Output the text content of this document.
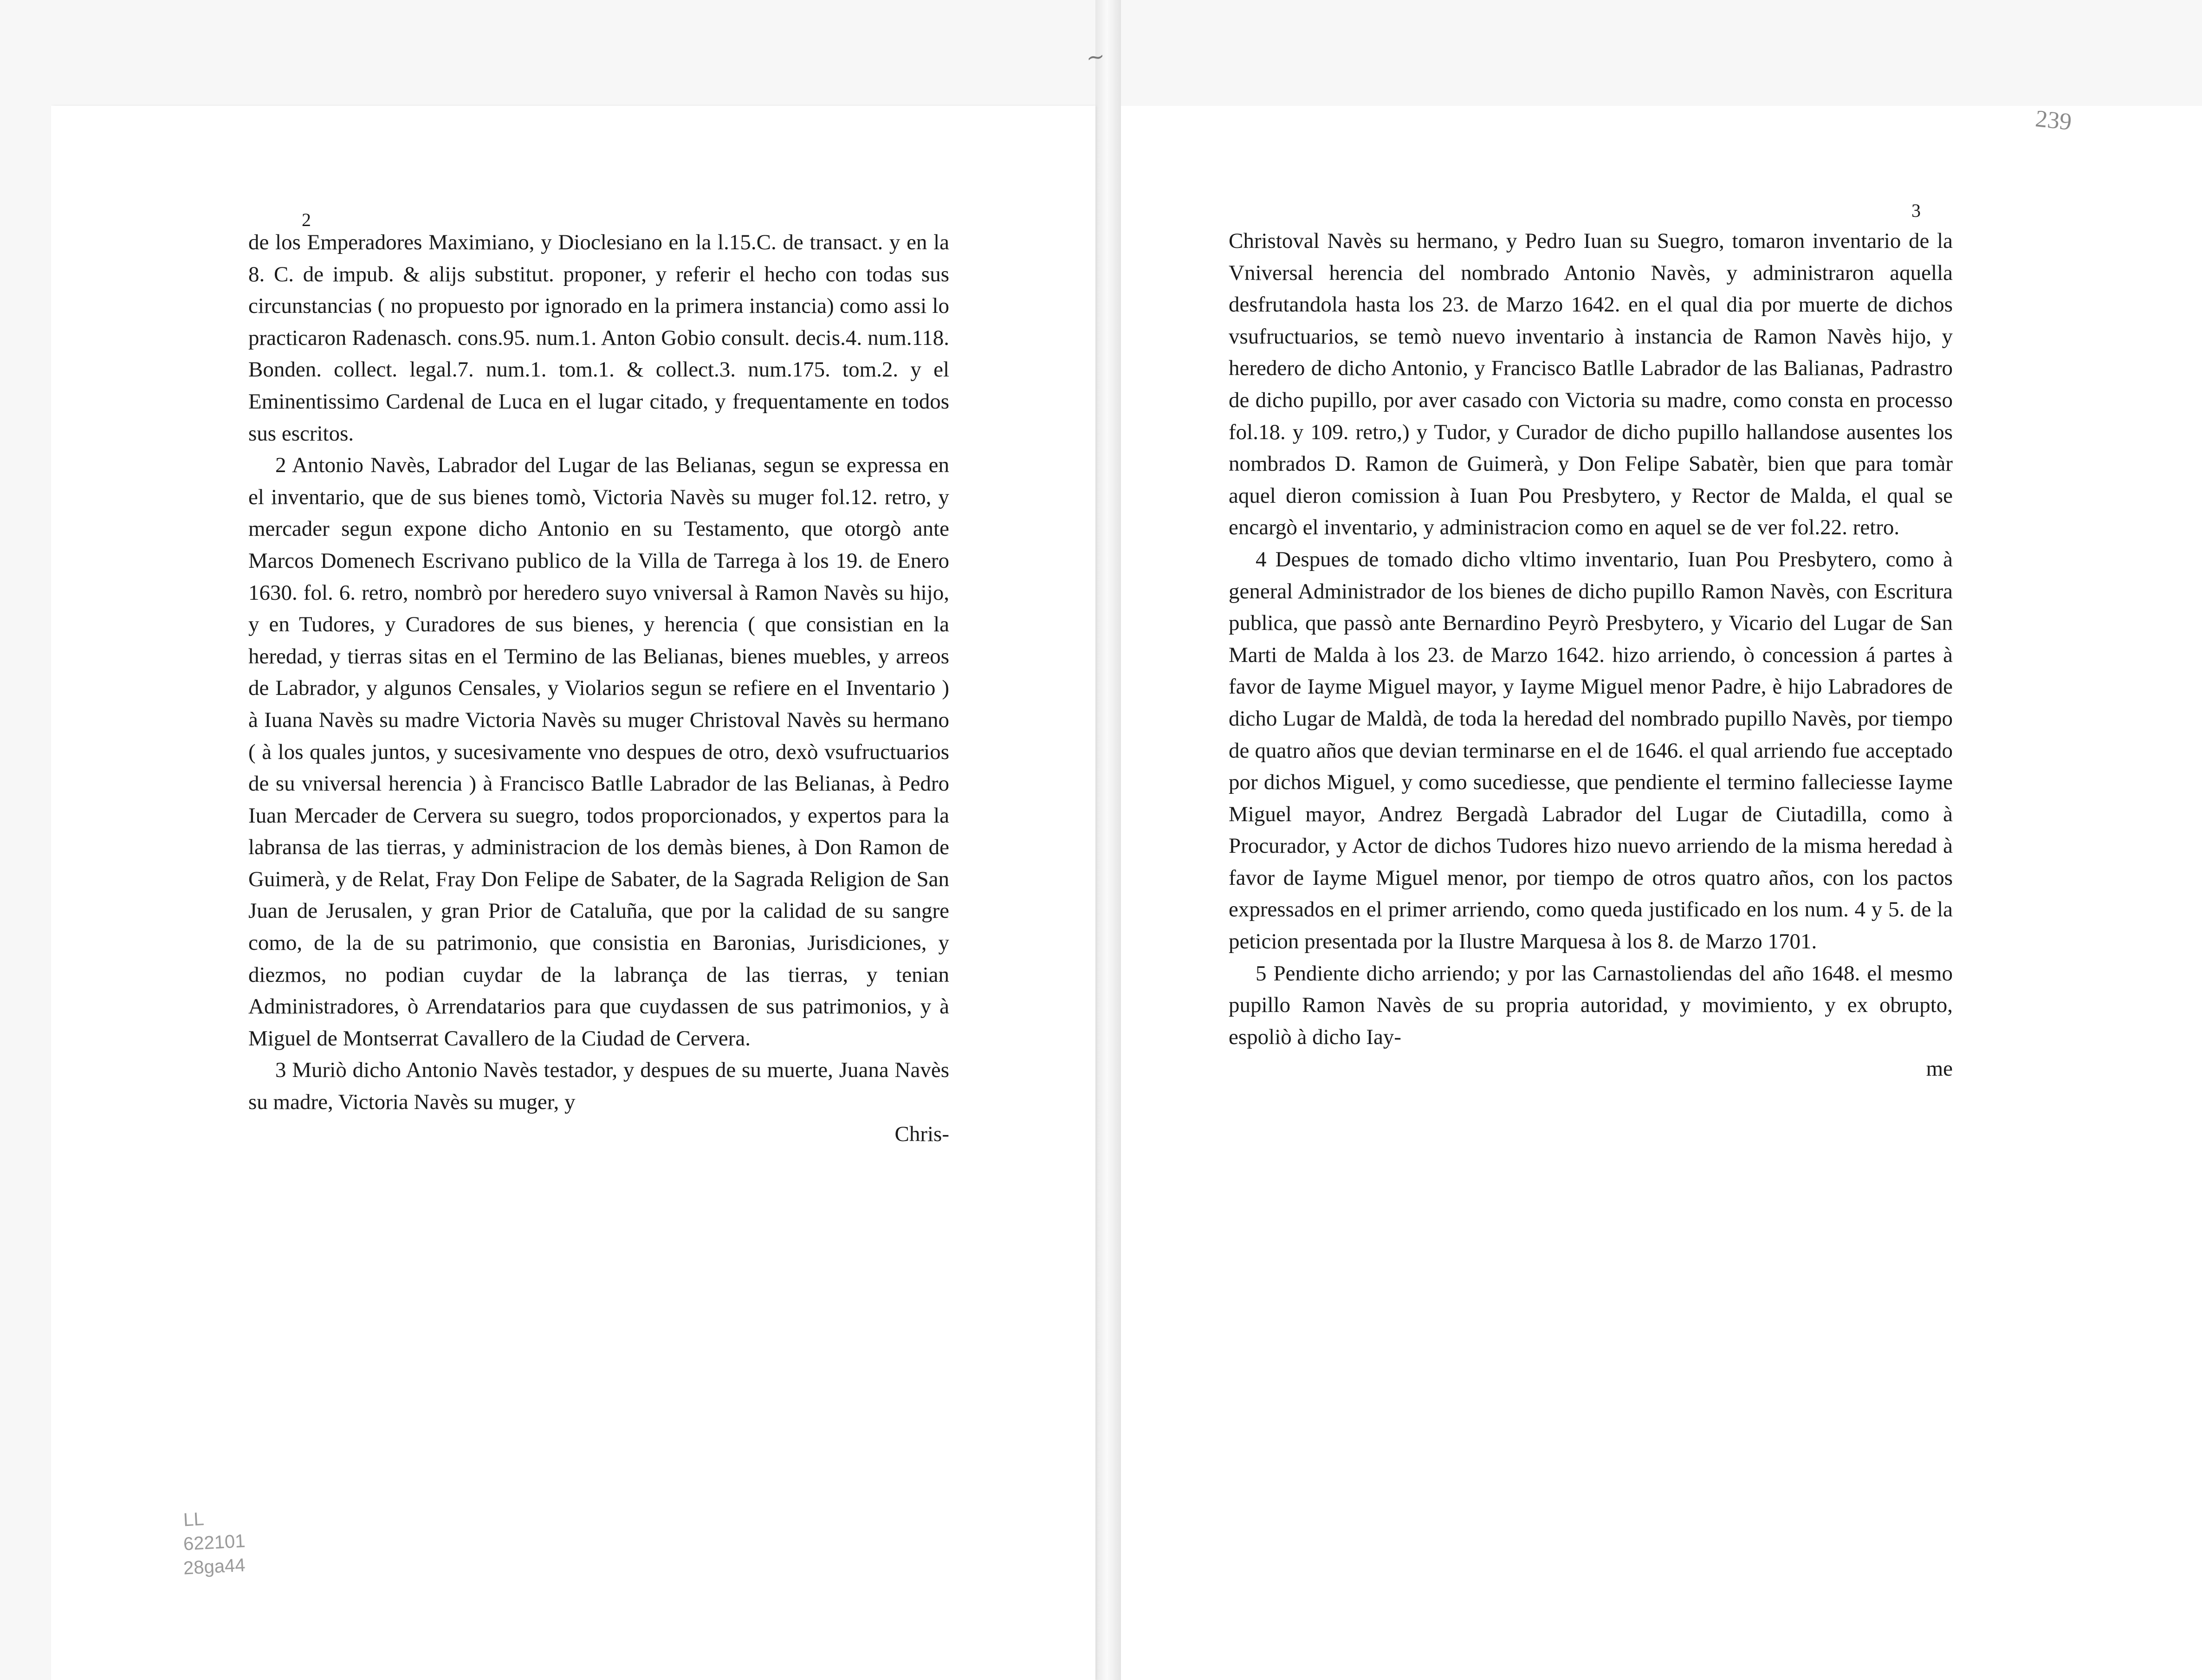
~
2

de los Emperadores Maximiano, y Dioclesiano en la l.15.C. de transact. y en la 8. C. de impub. & alijs substitut. proponer, y referir el hecho con todas sus circunstancias ( no propuesto por ignorado en la primera instancia) como assi lo practicaron Radenasch. cons.95. num.1. Anton Gobio consult. decis.4. num.118. Bonden. collect. legal.7. num.1. tom.1. & collect.3. num.175. tom.2. y el Eminentissimo Cardenal de Luca en el lugar citado, y frequentamente en todos sus escritos.

2 Antonio Navès, Labrador del Lugar de las Belianas, segun se expressa en el inventario, que de sus bienes tomò, Victoria Navès su muger fol.12. retro, y mercader segun expone dicho Antonio en su Testamento, que otorgò ante Marcos Domenech Escrivano publico de la Villa de Tarrega à los 19. de Enero 1630. fol. 6. retro, nombrò por heredero suyo vniversal à Ramon Navès su hijo, y en Tudores, y Curadores de sus bienes, y herencia ( que consistian en la heredad, y tierras sitas en el Termino de las Belianas, bienes muebles, y arreos de Labrador, y algunos Censales, y Violarios segun se refiere en el Inventario ) à Iuana Navès su madre Victoria Navès su muger Christoval Navès su hermano ( à los quales juntos, y sucesivamente vno despues de otro, dexò vsufructuarios de su vniversal herencia ) à Francisco Batlle Labrador de las Belianas, à Pedro Iuan Mercader de Cervera su suegro, todos proporcionados, y expertos para la labransa de las tierras, y administracion de los demàs bienes, à Don Ramon de Guimerà, y de Relat, Fray Don Felipe de Sabater, de la Sagrada Religion de San Juan de Jerusalen, y gran Prior de Cataluña, que por la calidad de su sangre como, de la de su patrimonio, que consistia en Baronias, Jurisdiciones, y diezmos, no podian cuydar de la labrança de las tierras, y tenian Administradores, ò Arrendatarios para que cuydassen de sus patrimonios, y à Miguel de Montserrat Cavallero de la Ciudad de Cervera.

3 Muriò dicho Antonio Navès testador, y despues de su muerte, Juana Navès su madre, Victoria Navès su muger, y

Chris-

3
239

Christoval Navès su hermano, y Pedro Iuan su Suegro, tomaron inventario de la Vniversal herencia del nombrado Antonio Navès, y administraron aquella desfrutandola hasta los 23. de Marzo 1642. en el qual dia por muerte de dichos vsufructuarios, se temò nuevo inventario à instancia de Ramon Navès hijo, y heredero de dicho Antonio, y Francisco Batlle Labrador de las Balianas, Padrastro de dicho pupillo, por aver casado con Victoria su madre, como consta en processo fol.18. y 109. retro,) y Tudor, y Curador de dicho pupillo hallandose ausentes los nombrados D. Ramon de Guimerà, y Don Felipe Sabatèr, bien que para tomàr aquel dieron comission à Iuan Pou Presbytero, y Rector de Malda, el qual se encargò el inventario, y administracion como en aquel se de ver fol.22. retro.

4 Despues de tomado dicho vltimo inventario, Iuan Pou Presbytero, como à general Administrador de los bienes de dicho pupillo Ramon Navès, con Escritura publica, que passò ante Bernardino Peyrò Presbytero, y Vicario del Lugar de San Marti de Malda à los 23. de Marzo 1642. hizo arriendo, ò concession á partes à favor de Iayme Miguel mayor, y Iayme Miguel menor Padre, è hijo Labradores de dicho Lugar de Maldà, de toda la heredad del nombrado pupillo Navès, por tiempo de quatro años que devian terminarse en el de 1646. el qual arriendo fue acceptado por dichos Miguel, y como sucediesse, que pendiente el termino falleciesse Iayme Miguel mayor, Andrez Bergadà Labrador del Lugar de Ciutadilla, como à Procurador, y Actor de dichos Tudores hizo nuevo arriendo de la misma heredad à favor de Iayme Miguel menor, por tiempo de otros quatro años, con los pactos expressados en el primer arriendo, como queda justificado en los num. 4 y 5. de la peticion presentada por la Ilustre Marquesa à los 8. de Marzo 1701.

5 Pendiente dicho arriendo; y por las Carnastoliendas del año 1648. el mesmo pupillo Ramon Navès de su propria autoridad, y movimiento, y ex obrupto, espoliò à dicho Iay-

me

LL
622101
28ga44
